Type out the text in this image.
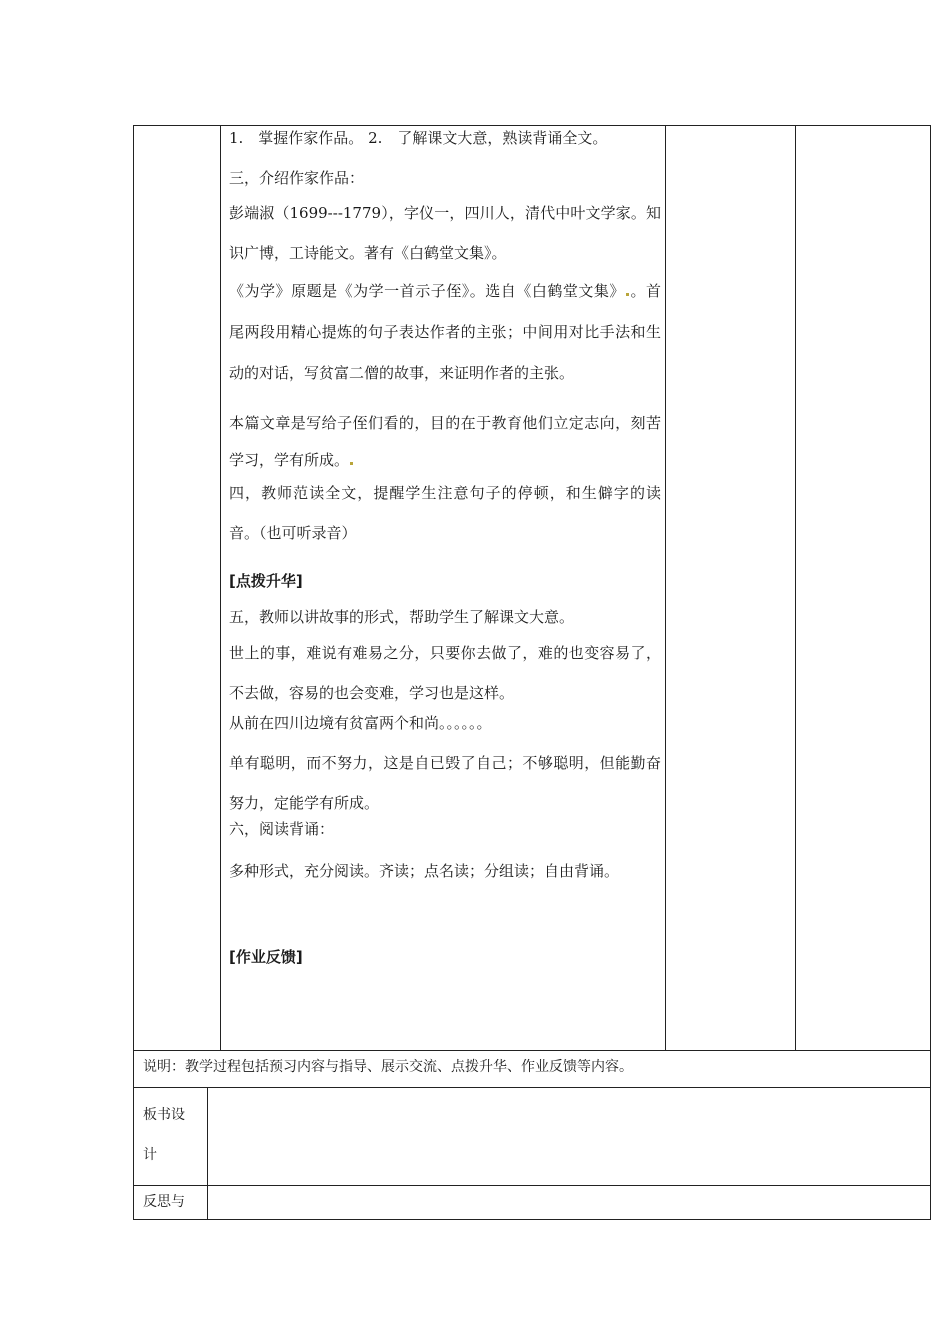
1.　掌握作家作品。 2.　了解课文大意，熟读背诵全文。

三，介绍作家作品：

彭端淑（1699---1779），字仪一，四川人，清代中叶文学家。知识广博，工诗能文。著有《白鹤堂文集》。

《为学》原题是《为学一首示子侄》。选自《白鹤堂文集》 。首尾两段用精心提炼的句子表达作者的主张；中间用对比手法和生动的对话，写贫富二僧的故事，来证明作者的主张。

本篇文章是写给子侄们看的，目的在于教育他们立定志向，刻苦学习，学有所成。

四，教师范读全文，提醒学生注意句子的停顿，和生僻字的读音。（也可听录音）

[点拨升华]

五，教师以讲故事的形式，帮助学生了解课文大意。

世上的事，难说有难易之分，只要你去做了，难的也变容易了，不去做，容易的也会变难，学习也是这样。

从前在四川边境有贫富两个和尚。。。。。。

单有聪明，而不努力，这是自已毁了自己；不够聪明，但能勤奋努力，定能学有所成。

六，阅读背诵：

多种形式，充分阅读。齐读；点名读；分组读；自由背诵。

[作业反馈]

说明：教学过程包括预习内容与指导、展示交流、点拨升华、作业反馈等内容。
板书设
计
反思与
